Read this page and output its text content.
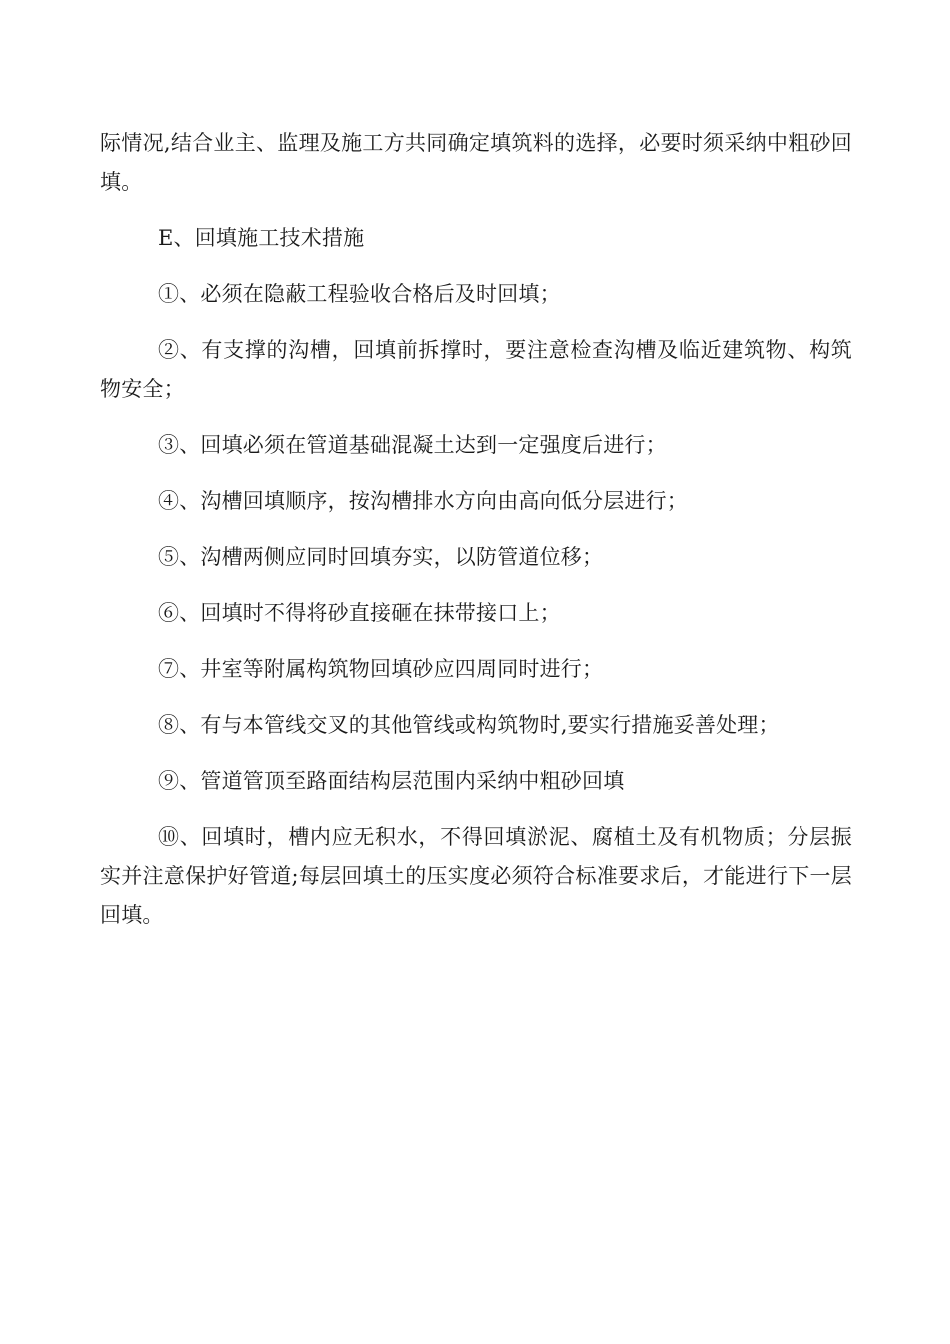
际情况,结合业主、监理及施工方共同确定填筑料的选择，必要时须采纳中粗砂回填。

E、回填施工技术措施

①、必须在隐蔽工程验收合格后及时回填；

②、有支撑的沟槽，回填前拆撑时，要注意检查沟槽及临近建筑物、构筑物安全；

③、回填必须在管道基础混凝土达到一定强度后进行；

④、沟槽回填顺序，按沟槽排水方向由高向低分层进行；

⑤、沟槽两侧应同时回填夯实，以防管道位移；

⑥、回填时不得将砂直接砸在抹带接口上；

⑦、井室等附属构筑物回填砂应四周同时进行；

⑧、有与本管线交叉的其他管线或构筑物时,要实行措施妥善处理；

⑨、管道管顶至路面结构层范围内采纳中粗砂回填

⑩、回填时，槽内应无积水，不得回填淤泥、腐植土及有机物质；分层振实并注意保护好管道;每层回填土的压实度必须符合标准要求后，才能进行下一层回填。
